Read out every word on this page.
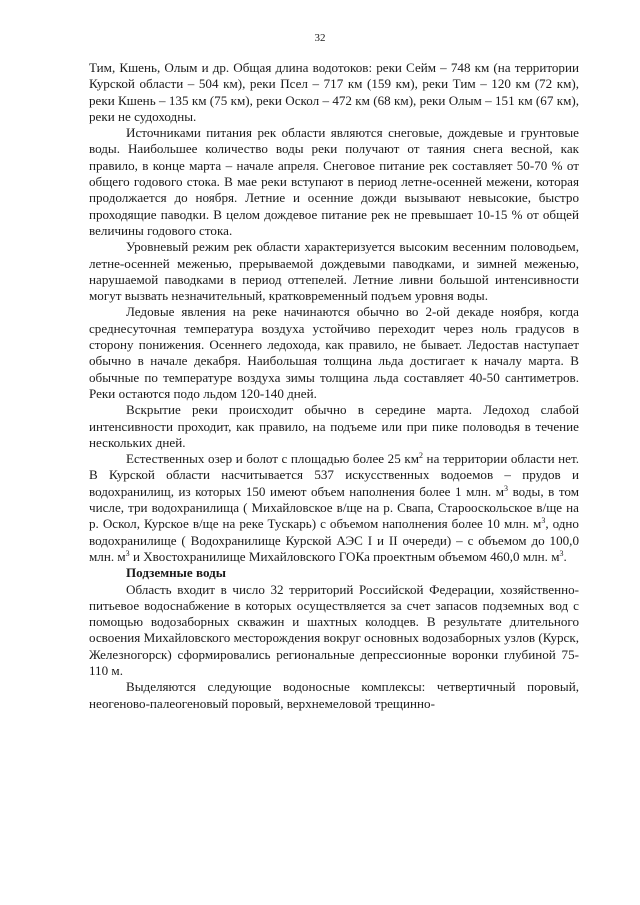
32

Тим, Кшень, Олым и др. Общая длина водотоков: реки Сейм – 748 км (на территории Курской области – 504 км), реки Псел – 717 км (159 км), реки Тим – 120 км (72 км), реки Кшень – 135 км (75 км), реки Оскол – 472 км (68 км), реки Олым – 151 км (67 км), реки не судоходны.

Источниками питания рек области являются снеговые, дождевые и грунтовые воды. Наибольшее количество воды реки получают от таяния снега весной, как правило, в конце марта – начале апреля. Снеговое питание рек составляет 50-70 % от общего годового стока. В мае реки вступают в период летне-осенней межени, которая продолжается до ноября. Летние и осенние дожди вызывают невысокие, быстро проходящие паводки. В целом дождевое питание рек не превышает 10-15 % от общей величины годового стока.

Уровневый режим рек области характеризуется высоким весенним половодьем, летне-осенней меженью, прерываемой дождевыми паводками, и зимней меженью, нарушаемой паводками в период оттепелей. Летние ливни большой интенсивности могут вызвать незначительный, кратковременный подъем уровня воды.

Ледовые явления на реке начинаются обычно во 2-ой декаде ноября, когда среднесуточная температура воздуха устойчиво переходит через ноль градусов в сторону понижения. Осеннего ледохода, как правило, не бывает. Ледостав наступает обычно в начале декабря. Наибольшая толщина льда достигает к началу марта. В обычные по температуре воздуха зимы толщина льда составляет 40-50 сантиметров. Реки остаются подо льдом 120-140 дней.

Вскрытие реки происходит обычно в середине марта. Ледоход слабой интенсивности проходит, как правило, на подъеме или при пике половодья в течение нескольких дней.

Естественных озер и болот с площадью более 25 $км^2$ на территории области нет. В Курской области насчитывается 537 искусственных водоемов – прудов и водохранилищ, из которых 150 имеют объем наполнения более 1 млн. $м^3$ воды, в том числе, три водохранилища ( Михайловское в/ще на р. Свапа, Старооскольское в/ще на р. Оскол, Курское в/ще на реке Тускарь) с объемом наполнения более 10 млн. $м^3$, одно водохранилище ( Водохранилище Курской АЭС I и II очереди) – с объемом до 100,0 млн. $м^3$ и Хвостохранилище Михайловского ГОКа проектным объемом 460,0 млн. $м^3$.

Подземные воды

Область входит в число 32 территорий Российской Федерации, хозяйственно-питьевое водоснабжение в которых осуществляется за счет запасов подземных вод с помощью водозаборных скважин и шахтных колодцев. В результате длительного освоения Михайловского месторождения вокруг основных водозаборных узлов (Курск, Железногорск) сформировались региональные депрессионные воронки глубиной 75-110 м.

Выделяются следующие водоносные комплексы: четвертичный поровый, неогеново-палеогеновый поровый, верхнемеловой трещинно-
